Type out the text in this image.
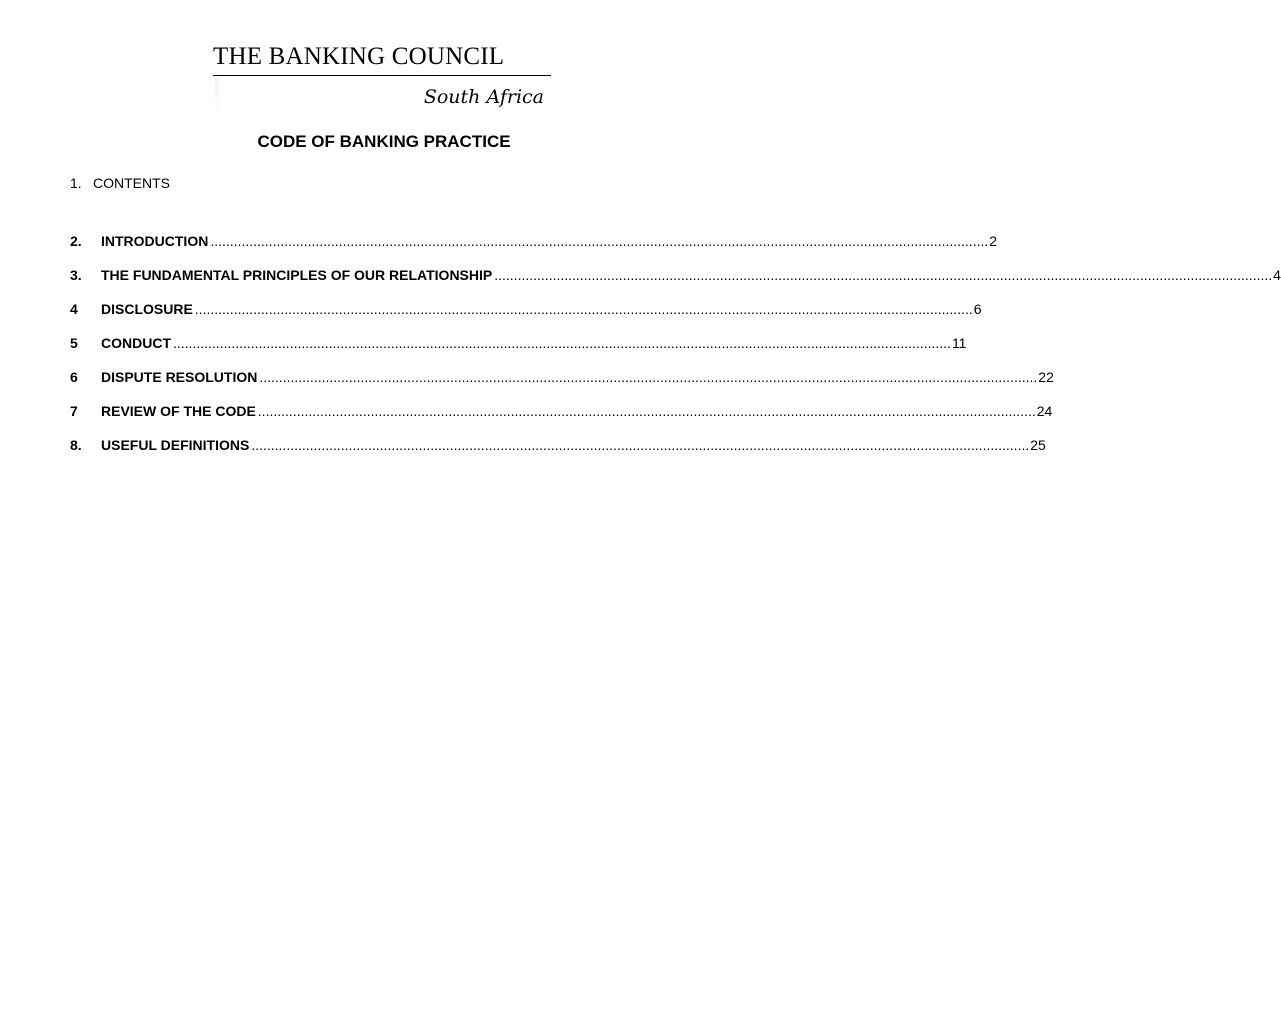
THE BANKING COUNCIL
South Africa
CODE OF BANKING PRACTICE
1. CONTENTS
2.	INTRODUCTION ........................................................................................................................................................................................................ 2
3.	THE FUNDAMENTAL PRINCIPLES OF OUR RELATIONSHIP ........................................................................................................................................................................................................ 4
4	DISCLOSURE ........................................................................................................................................................................................................ 6
5	CONDUCT ........................................................................................................................................................................................................ 11
6	DISPUTE RESOLUTION ........................................................................................................................................................................................................ 22
7	REVIEW OF THE CODE ........................................................................................................................................................................................................ 24
8.	USEFUL DEFINITIONS ........................................................................................................................................................................................................ 25
